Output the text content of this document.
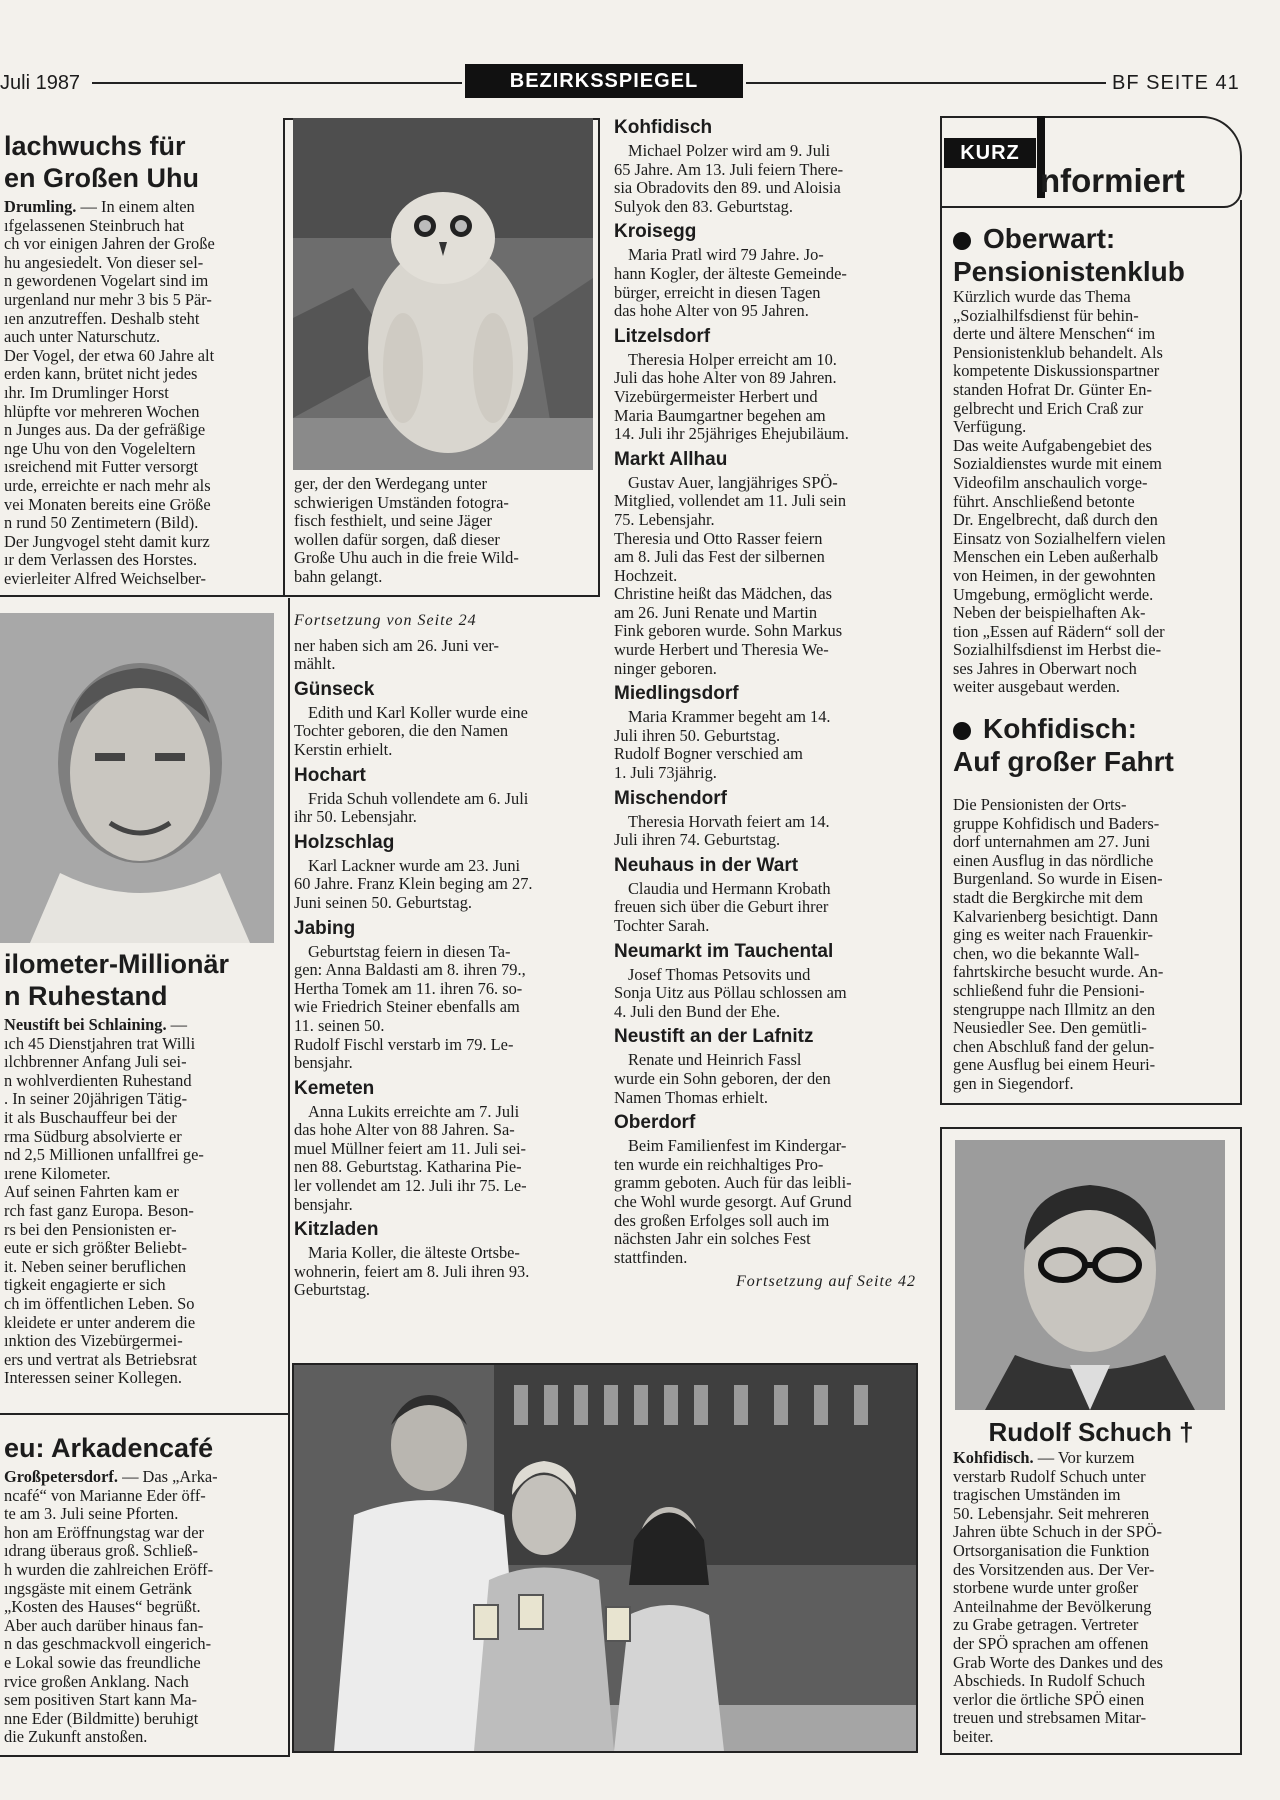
Juli 1987	BEZIRKSSPIEGEL	BF SEITE 41
lachwuchs für
en Großen Uhu
Drumling. — In einem alten
ıfgelassenen Steinbruch hat
ch vor einigen Jahren der Große
hu angesiedelt. Von dieser sel-
n gewordenen Vogelart sind im
urgenland nur mehr 3 bis 5 Pär-
ıen anzutreffen. Deshalb steht
auch unter Naturschutz.
Der Vogel, der etwa 60 Jahre alt
erden kann, brütet nicht jedes
ıhr. Im Drumlinger Horst
hlüpfte vor mehreren Wochen
n Junges aus. Da der gefräßige
nge Uhu von den Vogeleltern
ısreichend mit Futter versorgt
urde, erreichte er nach mehr als
vei Monaten bereits eine Größe
n rund 50 Zentimetern (Bild).
Der Jungvogel steht damit kurz
ır dem Verlassen des Horstes.
evierleiter Alfred Weichselber-
ger, der den Werdegang unter
schwierigen Umständen fotogra-
fisch festhielt, und seine Jäger
wollen dafür sorgen, daß dieser
Große Uhu auch in die freie Wild-
bahn gelangt.
ilometer-Millionär
n Ruhestand
Neustift bei Schlaining. —
ıch 45 Dienstjahren trat Willi
ılchbrenner Anfang Juli sei-
n wohlverdienten Ruhestand
. In seiner 20jährigen Tätig-
it als Buschauffeur bei der
rma Südburg absolvierte er
nd 2,5 Millionen unfallfrei ge-
ırene Kilometer.
Auf seinen Fahrten kam er
rch fast ganz Europa. Beson-
rs bei den Pensionisten er-
eute er sich größter Beliebt-
it. Neben seiner beruflichen
tigkeit engagierte er sich
ch im öffentlichen Leben. So
kleidete er unter anderem die
ınktion des Vizebürgermei-
ers und vertrat als Betriebsrat
Interessen seiner Kollegen.
eu: Arkadencafé
Großpetersdorf. — Das „Arka-
ncafé“ von Marianne Eder öff-
te am 3. Juli seine Pforten.
hon am Eröffnungstag war der
ıdrang überaus groß. Schließ-
h wurden die zahlreichen Eröff-
ıngsgäste mit einem Getränk
„Kosten des Hauses“ begrüßt.
Aber auch darüber hinaus fan-
n das geschmackvoll eingerich-
e Lokal sowie das freundliche
rvice großen Anklang. Nach
sem positiven Start kann Ma-
nne Eder (Bildmitte) beruhigt
die Zukunft anstoßen.
Kohfidisch
Michael Polzer wird am 9. Juli
65 Jahre. Am 13. Juli feiern There-
sia Obradovits den 89. und Aloisia
Sulyok den 83. Geburtstag.
Kroisegg
Maria Pratl wird 79 Jahre. Jo-
hann Kogler, der älteste Gemeinde-
bürger, erreicht in diesen Tagen
das hohe Alter von 95 Jahren.
Litzelsdorf
Theresia Holper erreicht am 10.
Juli das hohe Alter von 89 Jahren.
Vizebürgermeister Herbert und
Maria Baumgartner begehen am
14. Juli ihr 25jähriges Ehejubiläum.
Markt Allhau
Gustav Auer, langjähriges SPÖ-
Mitglied, vollendet am 11. Juli sein
75. Lebensjahr.
Theresia und Otto Rasser feiern
am 8. Juli das Fest der silbernen
Hochzeit.
Christine heißt das Mädchen, das
am 26. Juni Renate und Martin
Fink geboren wurde. Sohn Markus
wurde Herbert und Theresia We-
ninger geboren.
Miedlingsdorf
Maria Krammer begeht am 14.
Juli ihren 50. Geburtstag.
Rudolf Bogner verschied am
1. Juli 73jährig.
Mischendorf
Theresia Horvath feiert am 14.
Juli ihren 74. Geburtstag.
Neuhaus in der Wart
Claudia und Hermann Krobath
freuen sich über die Geburt ihrer
Tochter Sarah.
Neumarkt im Tauchental
Josef Thomas Petsovits und
Sonja Uitz aus Pöllau schlossen am
4. Juli den Bund der Ehe.
Neustift an der Lafnitz
Renate und Heinrich Fassl
wurde ein Sohn geboren, der den
Namen Thomas erhielt.
Oberdorf
Beim Familienfest im Kindergar-
ten wurde ein reichhaltiges Pro-
gramm geboten. Auch für das leibli-
che Wohl wurde gesorgt. Auf Grund
des großen Erfolges soll auch im
nächsten Jahr ein solches Fest
stattfinden.
Fortsetzung auf Seite 42
Fortsetzung von Seite 24
ner haben sich am 26. Juni ver-
mählt.
Günseck
Edith und Karl Koller wurde eine
Tochter geboren, die den Namen
Kerstin erhielt.
Hochart
Frida Schuh vollendete am 6. Juli
ihr 50. Lebensjahr.
Holzschlag
Karl Lackner wurde am 23. Juni
60 Jahre. Franz Klein beging am 27.
Juni seinen 50. Geburtstag.
Jabing
Geburtstag feiern in diesen Ta-
gen: Anna Baldasti am 8. ihren 79.,
Hertha Tomek am 11. ihren 76. so-
wie Friedrich Steiner ebenfalls am
11. seinen 50.
Rudolf Fischl verstarb im 79. Le-
bensjahr.
Kemeten
Anna Lukits erreichte am 7. Juli
das hohe Alter von 88 Jahren. Sa-
muel Müllner feiert am 11. Juli sei-
nen 88. Geburtstag. Katharina Pie-
ler vollendet am 12. Juli ihr 75. Le-
bensjahr.
Kitzladen
Maria Koller, die älteste Ortsbe-
wohnerin, feiert am 8. Juli ihren 93.
Geburtstag.
KURZ
nformiert
Oberwart:
Pensionistenklub
Kürzlich wurde das Thema
„Sozialhilfsdienst für behin-
derte und ältere Menschen“ im
Pensionistenklub behandelt. Als
kompetente Diskussionspartner
standen Hofrat Dr. Günter En-
gelbrecht und Erich Craß zur
Verfügung.
Das weite Aufgabengebiet des
Sozialdienstes wurde mit einem
Videofilm anschaulich vorge-
führt. Anschließend betonte
Dr. Engelbrecht, daß durch den
Einsatz von Sozialhelfern vielen
Menschen ein Leben außerhalb
von Heimen, in der gewohnten
Umgebung, ermöglicht werde.
Neben der beispielhaften Ak-
tion „Essen auf Rädern“ soll der
Sozialhilfsdienst im Herbst die-
ses Jahres in Oberwart noch
weiter ausgebaut werden.
Kohfidisch:
Auf großer Fahrt
Die Pensionisten der Orts-
gruppe Kohfidisch und Baders-
dorf unternahmen am 27. Juni
einen Ausflug in das nördliche
Burgenland. So wurde in Eisen-
stadt die Bergkirche mit dem
Kalvarienberg besichtigt. Dann
ging es weiter nach Frauenkir-
chen, wo die bekannte Wall-
fahrtskirche besucht wurde. An-
schließend fuhr die Pensioni-
stengruppe nach Illmitz an den
Neusiedler See. Den gemütli-
chen Abschluß fand der gelun-
gene Ausflug bei einem Heuri-
gen in Siegendorf.
Rudolf Schuch †
Kohfidisch. — Vor kurzem
verstarb Rudolf Schuch unter
tragischen Umständen im
50. Lebensjahr. Seit mehreren
Jahren übte Schuch in der SPÖ-
Ortsorganisation die Funktion
des Vorsitzenden aus. Der Ver-
storbene wurde unter großer
Anteilnahme der Bevölkerung
zu Grabe getragen. Vertreter
der SPÖ sprachen am offenen
Grab Worte des Dankes und des
Abschieds. In Rudolf Schuch
verlor die örtliche SPÖ einen
treuen und strebsamen Mitar-
beiter.
